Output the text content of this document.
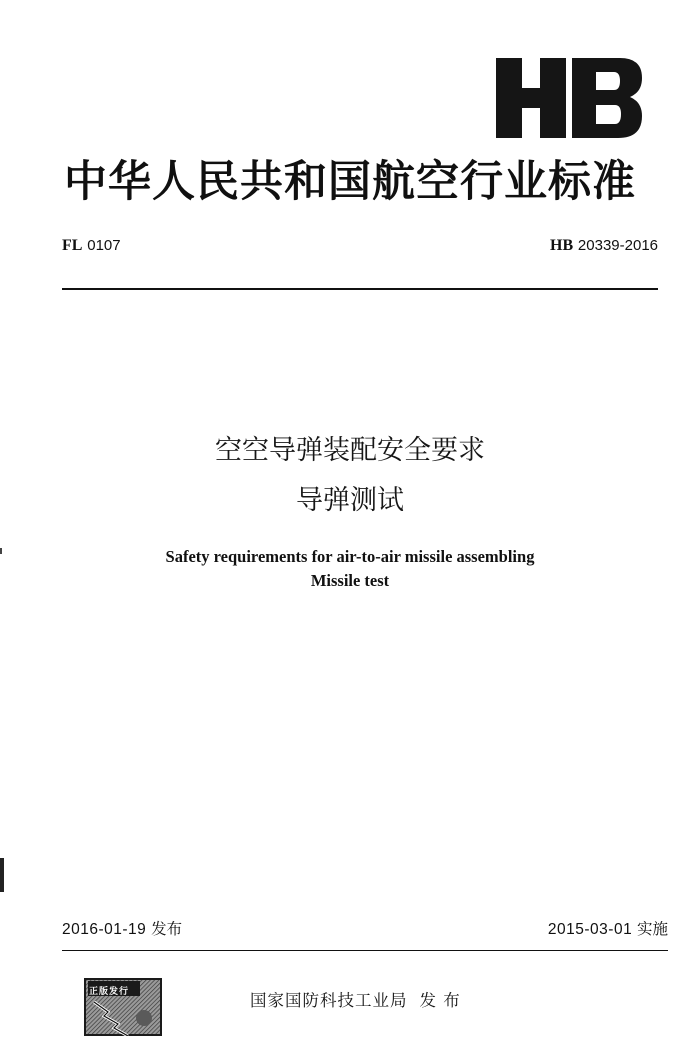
中华人民共和国航空行业标准
FL 0107	HB 20339-2016
空空导弹装配安全要求
导弹测试
Safety requirements for air-to-air missile assembling
Missile test
2016-01-19 发布	2015-03-01 实施
正版发行	国家国防科技工业局 发 布
